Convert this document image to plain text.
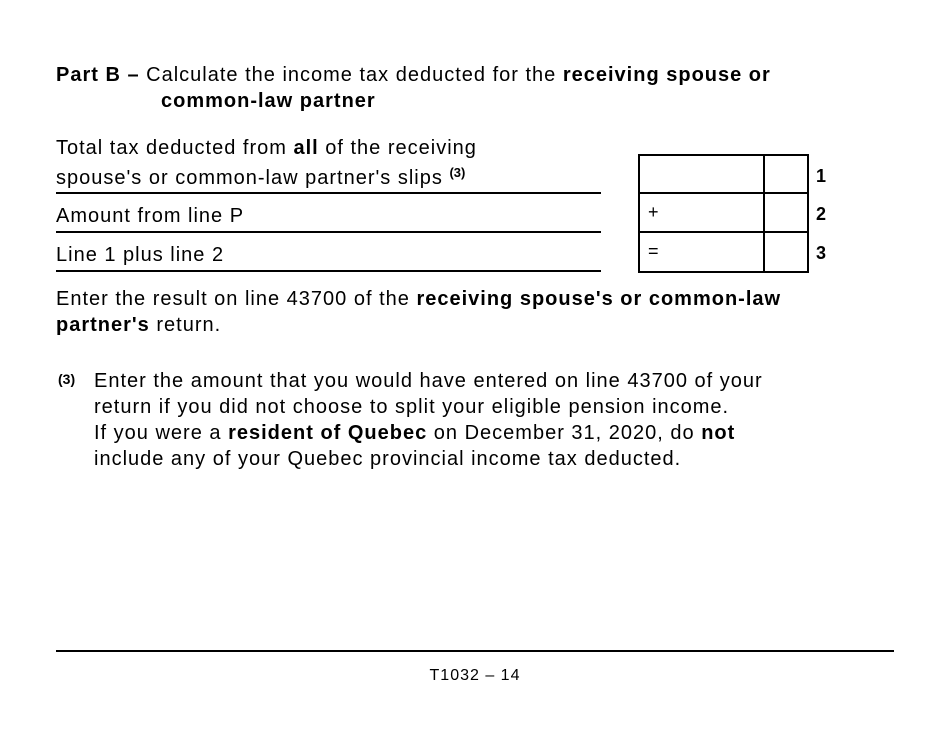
Part B – Calculate the income tax deducted for the receiving spouse or
common-law partner
Total tax deducted from all of the receiving
spouse's or common-law partner's slips $^{(3)}$
Amount from line P
Line 1 plus line 2
+
=
1
2
3
Enter the result on line 43700 of the receiving spouse's or common-law
partner's return.
(3) Enter the amount that you would have entered on line 43700 of your
return if you did not choose to split your eligible pension income.
If you were a resident of Quebec on December 31, 2020, do not
include any of your Quebec provincial income tax deducted.
T1032 – 14
